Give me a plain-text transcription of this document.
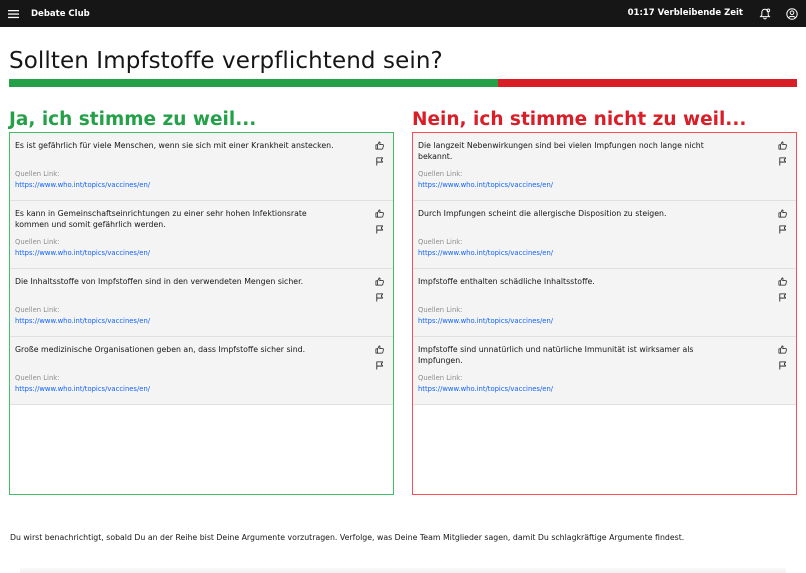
Debate Club	01:17 Verbleibende Zeit
Sollten Impfstoffe verpflichtend sein?
Ja, ich stimme zu weil...	Nein, ich stimme nicht zu weil...

Es ist gefährlich für viele Menschen, wenn sie sich mit einer Krankheit anstecken.

Quellen Link:
https://www.who.int/topics/vaccines/en/

Es kann in Gemeinschaftseinrichtungen zu einer sehr hohen Infektionsrate kommen und somit gefährlich werden.

Quellen Link:
https://www.who.int/topics/vaccines/en/

Die Inhaltsstoffe von Impfstoffen sind in den verwendeten Mengen sicher.

Quellen Link:
https://www.who.int/topics/vaccines/en/

Große medizinische Organisationen geben an, dass Impfstoffe sicher sind.

Quellen Link:
https://www.who.int/topics/vaccines/en/

Die langzeit Nebenwirkungen sind bei vielen Impfungen noch lange nicht bekannt.

Quellen Link:
https://www.who.int/topics/vaccines/en/

Durch Impfungen scheint die allergische Disposition zu steigen.

Quellen Link:
https://www.who.int/topics/vaccines/en/

Impfstoffe enthalten schädliche Inhaltsstoffe.

Quellen Link:
https://www.who.int/topics/vaccines/en/

Impfstoffe sind unnatürlich und natürliche Immunität ist wirksamer als Impfungen.

Quellen Link:
https://www.who.int/topics/vaccines/en/

Du wirst benachrichtigt, sobald Du an der Reihe bist Deine Argumente vorzutragen. Verfolge, was Deine Team Mitglieder sagen, damit Du schlagkräftige Argumente findest.
